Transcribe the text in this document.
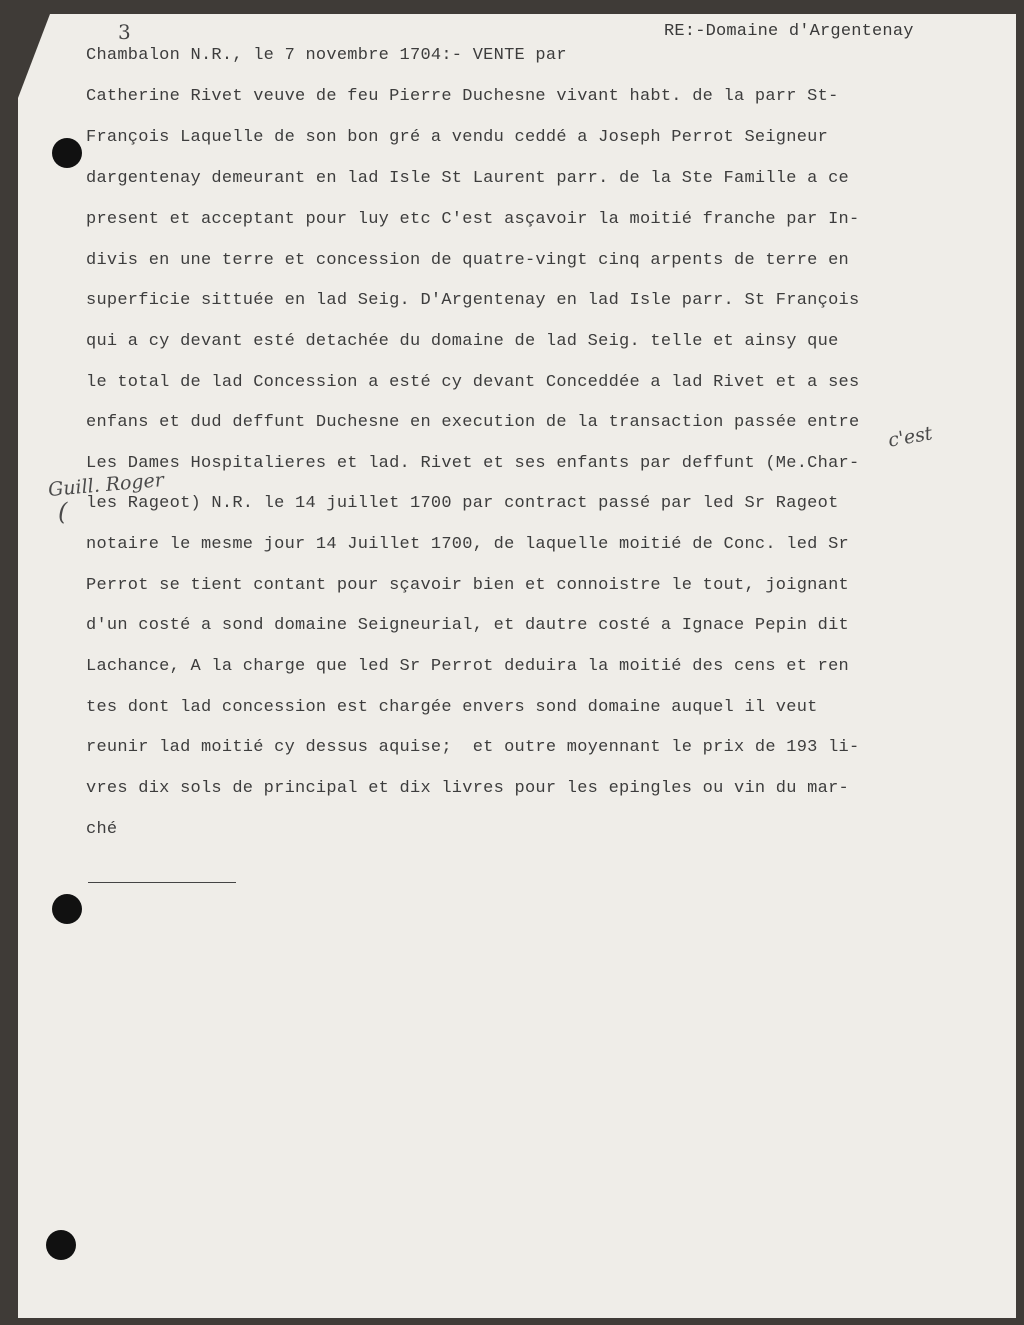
3	RE:-Domaine d'Argentenay
Chambalon N.R., le 7 novembre 1704:- VENTE par
Catherine Rivet veuve de feu Pierre Duchesne vivant habt. de la parr St-
François Laquelle de son bon gré a vendu ceddé a Joseph Perrot Seigneur
dargentenay demeurant en lad Isle St Laurent parr. de la Ste Famille a ce
present et acceptant pour luy etc C'est asçavoir la moitié franche par In-
divis en une terre et concession de quatre-vingt cinq arpents de terre en
superficie sittuée en lad Seig. D'Argentenay en lad Isle parr. St François
qui a cy devant esté detachée du domaine de lad Seig. telle et ainsy que
le total de lad Concession a esté cy devant Conceddée a lad Rivet et a ses
enfans et dud deffunt Duchesne en execution de la transaction passée entre
Les Dames Hospitalieres et lad. Rivet et ses enfants par deffunt (Me.Char-
les Rageot) N.R. le 14 juillet 1700 par contract passé par led Sr Rageot
notaire le mesme jour 14 Juillet 1700, de laquelle moitié de Conc. led Sr
Perrot se tient contant pour sçavoir bien et connoistre le tout, joignant
d'un costé a sond domaine Seigneurial, et dautre costé a Ignace Pepin dit
Lachance, A la charge que led Sr Perrot deduira la moitié des cens et ren
tes dont lad concession est chargée envers sond domaine auquel il veut
reunir lad moitié cy dessus aquise;  et outre moyennant le prix de 193 li-
vres dix sols de principal et dix livres pour les epingles ou vin du mar-
ché
c'est
Guill. Roger
(
